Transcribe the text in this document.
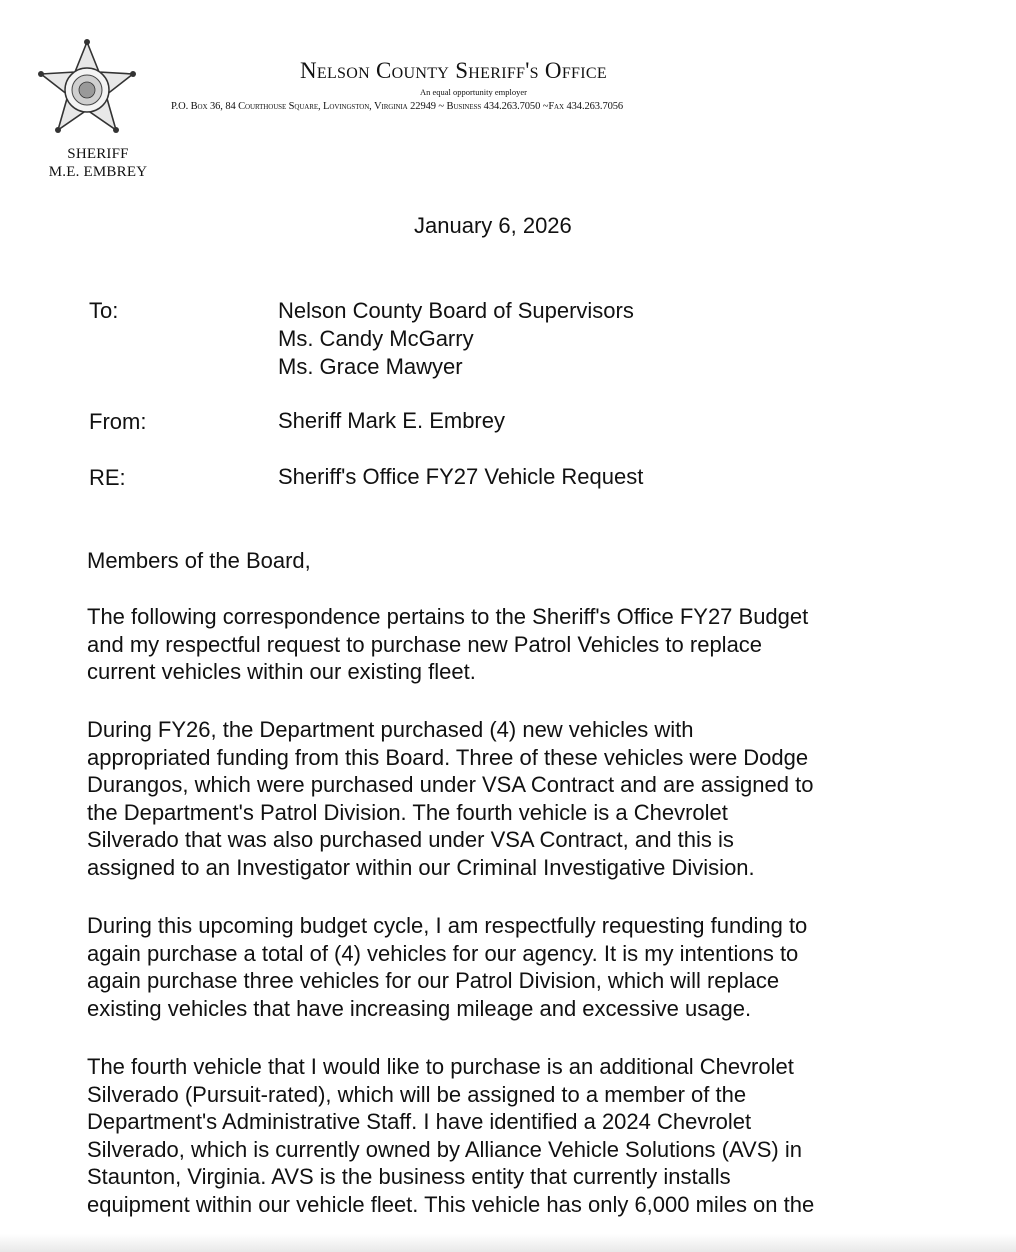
SHERIFF
M.E. EMBREY
Nelson County Sheriff's Office
An equal opportunity employer
P.O. Box 36, 84 Courthouse Square, Lovingston, Virginia 22949 ~ Business 434.263.7050 ~Fax 434.263.7056
January 6, 2026
To:	Nelson County Board of Supervisors
Ms. Candy McGarry
Ms. Grace Mawyer
From:	Sheriff Mark E. Embrey
RE:	Sheriff's Office FY27 Vehicle Request
Members of the Board,

The following correspondence pertains to the Sheriff's Office FY27 Budget
and my respectful request to purchase new Patrol Vehicles to replace
current vehicles within our existing fleet.

During FY26, the Department purchased (4) new vehicles with
appropriated funding from this Board. Three of these vehicles were Dodge
Durangos, which were purchased under VSA Contract and are assigned to
the Department's Patrol Division. The fourth vehicle is a Chevrolet
Silverado that was also purchased under VSA Contract, and this is
assigned to an Investigator within our Criminal Investigative Division.

During this upcoming budget cycle, I am respectfully requesting funding to
again purchase a total of (4) vehicles for our agency. It is my intentions to
again purchase three vehicles for our Patrol Division, which will replace
existing vehicles that have increasing mileage and excessive usage.

The fourth vehicle that I would like to purchase is an additional Chevrolet
Silverado (Pursuit-rated), which will be assigned to a member of the
Department's Administrative Staff. I have identified a 2024 Chevrolet
Silverado, which is currently owned by Alliance Vehicle Solutions (AVS) in
Staunton, Virginia. AVS is the business entity that currently installs
equipment within our vehicle fleet. This vehicle has only 6,000 miles on the
